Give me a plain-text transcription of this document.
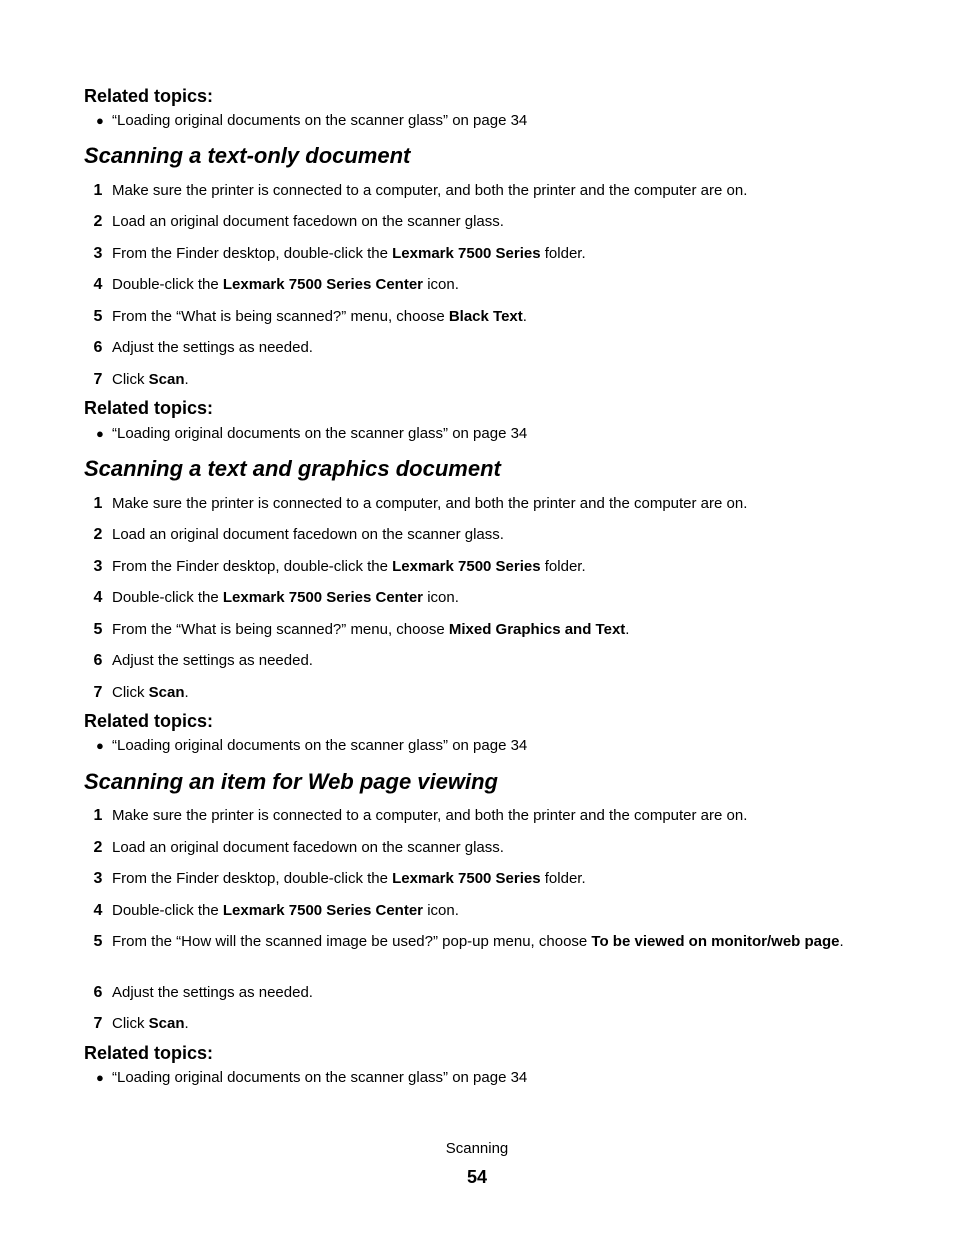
Related topics:
● “Loading original documents on the scanner glass” on page 34
Scanning a text-only document
1 Make sure the printer is connected to a computer, and both the printer and the computer are on.
2 Load an original document facedown on the scanner glass.
3 From the Finder desktop, double-click the Lexmark 7500 Series folder.
4 Double-click the Lexmark 7500 Series Center icon.
5 From the “What is being scanned?” menu, choose Black Text.
6 Adjust the settings as needed.
7 Click Scan.
Related topics:
● “Loading original documents on the scanner glass” on page 34
Scanning a text and graphics document
1 Make sure the printer is connected to a computer, and both the printer and the computer are on.
2 Load an original document facedown on the scanner glass.
3 From the Finder desktop, double-click the Lexmark 7500 Series folder.
4 Double-click the Lexmark 7500 Series Center icon.
5 From the “What is being scanned?” menu, choose Mixed Graphics and Text.
6 Adjust the settings as needed.
7 Click Scan.
Related topics:
● “Loading original documents on the scanner glass” on page 34
Scanning an item for Web page viewing
1 Make sure the printer is connected to a computer, and both the printer and the computer are on.
2 Load an original document facedown on the scanner glass.
3 From the Finder desktop, double-click the Lexmark 7500 Series folder.
4 Double-click the Lexmark 7500 Series Center icon.
5 From the “How will the scanned image be used?” pop-up menu, choose To be viewed on monitor/web page.
6 Adjust the settings as needed.
7 Click Scan.
Related topics:
● “Loading original documents on the scanner glass” on page 34
Scanning
54
